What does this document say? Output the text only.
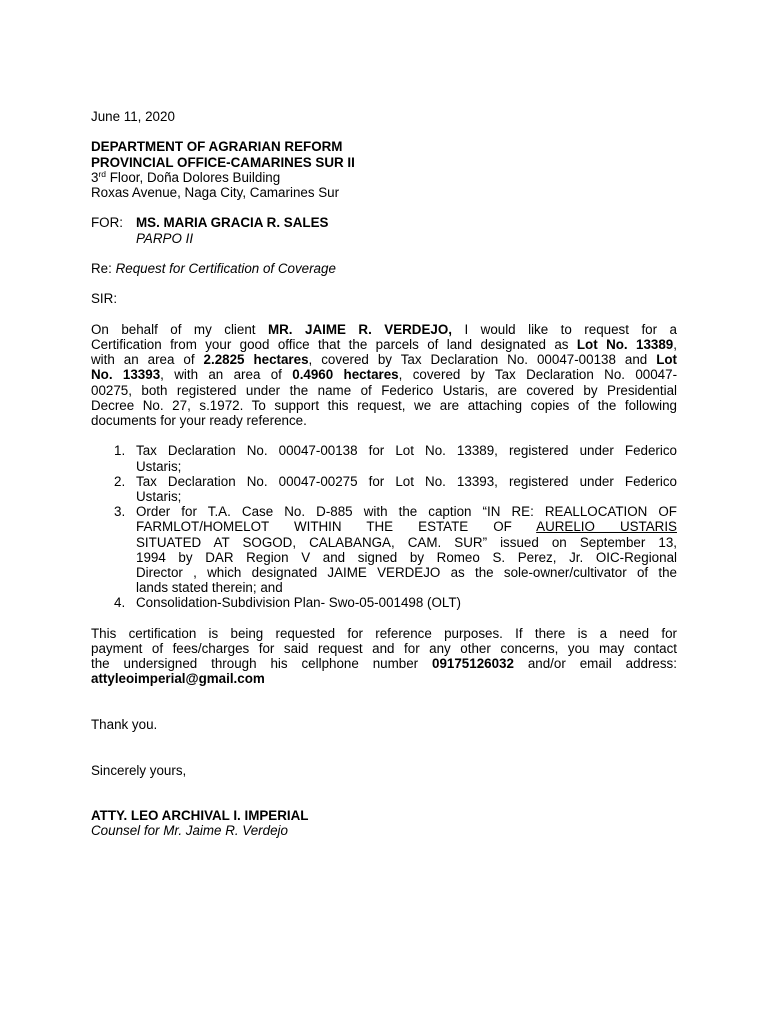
June 11, 2020
DEPARTMENT OF AGRARIAN REFORM
PROVINCIAL OFFICE-CAMARINES SUR II
3rd Floor, Doña Dolores Building
Roxas Avenue, Naga City, Camarines Sur
FOR: MS. MARIA GRACIA R. SALES
PARPO II
Re: Request for Certification of Coverage
SIR:
On behalf of my client MR. JAIME R. VERDEJO, I would like to request for a
Certification from your good office that the parcels of land designated as Lot No. 13389,
with an area of 2.2825 hectares, covered by Tax Declaration No. 00047-00138 and Lot
No. 13393, with an area of 0.4960 hectares, covered by Tax Declaration No. 00047-
00275, both registered under the name of Federico Ustaris, are covered by Presidential
Decree No. 27, s.1972. To support this request, we are attaching copies of the following
documents for your ready reference.
1. Tax Declaration No. 00047-00138 for Lot No. 13389, registered under Federico
Ustaris;
2. Tax Declaration No. 00047-00275 for Lot No. 13393, registered under Federico
Ustaris;
3. Order for T.A. Case No. D-885 with the caption “IN RE: REALLOCATION OF
FARMLOT/HOMELOT WITHIN THE ESTATE OF AURELIO USTARIS
SITUATED AT SOGOD, CALABANGA, CAM. SUR” issued on September 13,
1994 by DAR Region V and signed by Romeo S. Perez, Jr. OIC-Regional
Director , which designated JAIME VERDEJO as the sole-owner/cultivator of the
lands stated therein; and
4. Consolidation-Subdivision Plan- Swo-05-001498 (OLT)
This certification is being requested for reference purposes. If there is a need for
payment of fees/charges for said request and for any other concerns, you may contact
the undersigned through his cellphone number 09175126032 and/or email address:
attyleoimperial@gmail.com
Thank you.
Sincerely yours,
ATTY. LEO ARCHIVAL I. IMPERIAL
Counsel for Mr. Jaime R. Verdejo
